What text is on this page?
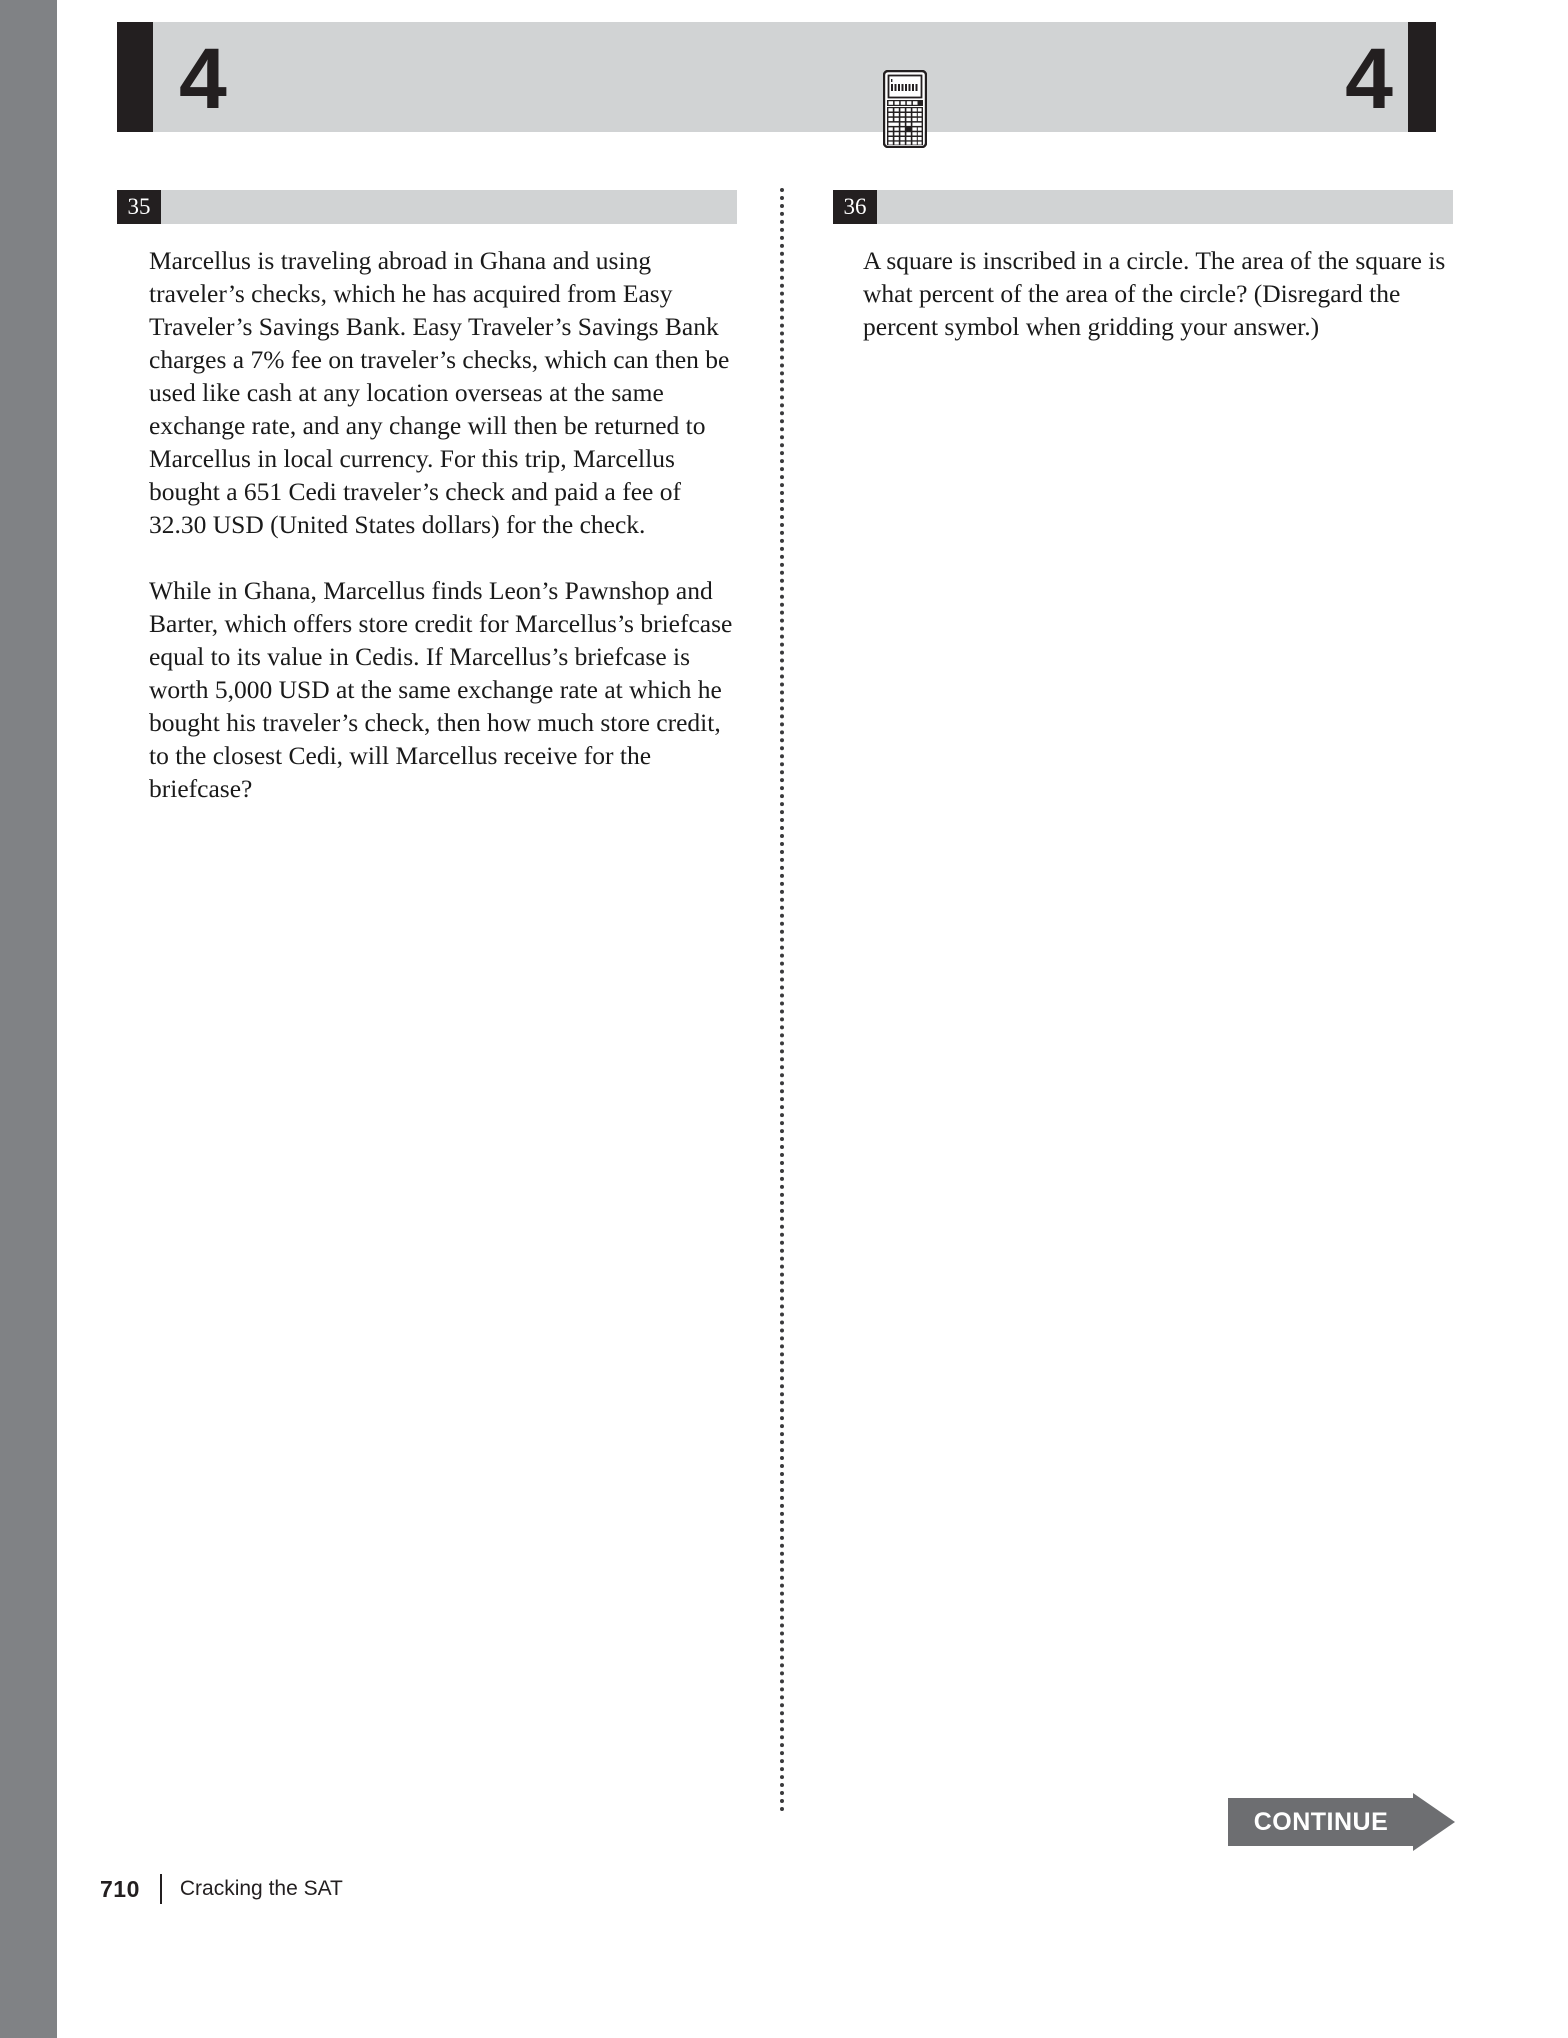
4	4
35

Marcellus is traveling abroad in Ghana and using traveler’s checks, which he has acquired from Easy Traveler’s Savings Bank. Easy Traveler’s Savings Bank charges a 7% fee on traveler’s checks, which can then be used like cash at any location overseas at the same exchange rate, and any change will then be returned to Marcellus in local currency. For this trip, Marcellus bought a 651 Cedi traveler’s check and paid a fee of 32.30 USD (United States dollars) for the check.

While in Ghana, Marcellus finds Leon’s Pawnshop and Barter, which offers store credit for Marcellus’s briefcase equal to its value in Cedis. If Marcellus’s briefcase is worth 5,000 USD at the same exchange rate at which he bought his traveler’s check, then how much store credit, to the closest Cedi, will Marcellus receive for the briefcase?

36

A square is inscribed in a circle. The area of the square is what percent of the area of the circle? (Disregard the percent symbol when gridding your answer.)

CONTINUE
710 Cracking the SAT
